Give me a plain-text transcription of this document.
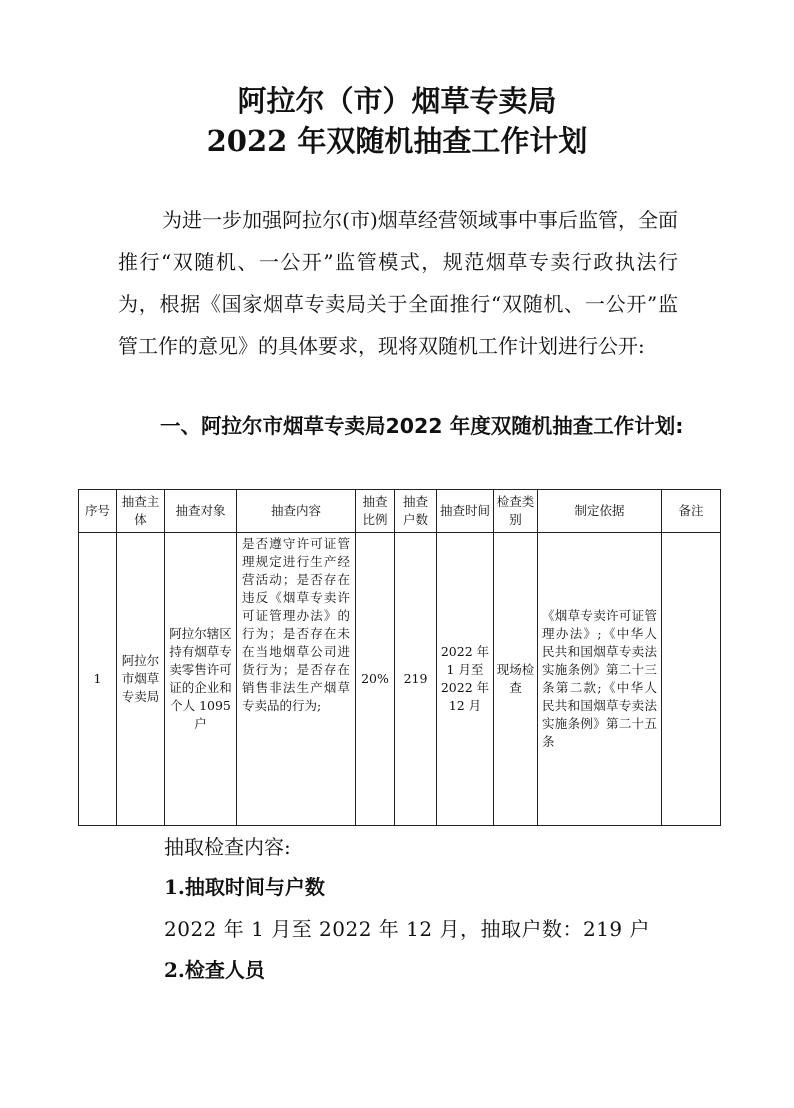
阿拉尔（市）烟草专卖局
2022 年双随机抽查工作计划
为进一步加强阿拉尔(市)烟草经营领域事中事后监管，全面推行“双随机、一公开”监管模式，规范烟草专卖行政执法行为，根据《国家烟草专卖局关于全面推行“双随机、一公开”监管工作的意见》的具体要求，现将双随机工作计划进行公开:
一、阿拉尔市烟草专卖局2022 年度双随机抽查工作计划:
序号	抽查主体	抽查对象	抽查内容	抽查比例	抽查户数	抽查时间	检查类别	制定依据	备注
1	阿拉尔市烟草专卖局	阿拉尔辖区持有烟草专卖零售许可证的企业和个人 1095 户	是否遵守许可证管理规定进行生产经营活动；是否存在违反《烟草专卖许可证管理办法》的行为；是否存在未在当地烟草公司进货行为；是否存在销售非法生产烟草专卖品的行为;	20%	219	2022 年 1 月至 2022 年 12 月	现场检查	《烟草专卖许可证管理办法》;《中华人民共和国烟草专卖法实施条例》第二十三条第二款;《中华人民共和国烟草专卖法实施条例》第二十五条	
抽取检查内容:
1.抽取时间与户数
2022 年 1 月至 2022 年 12 月，抽取户数：219 户
2.检查人员
